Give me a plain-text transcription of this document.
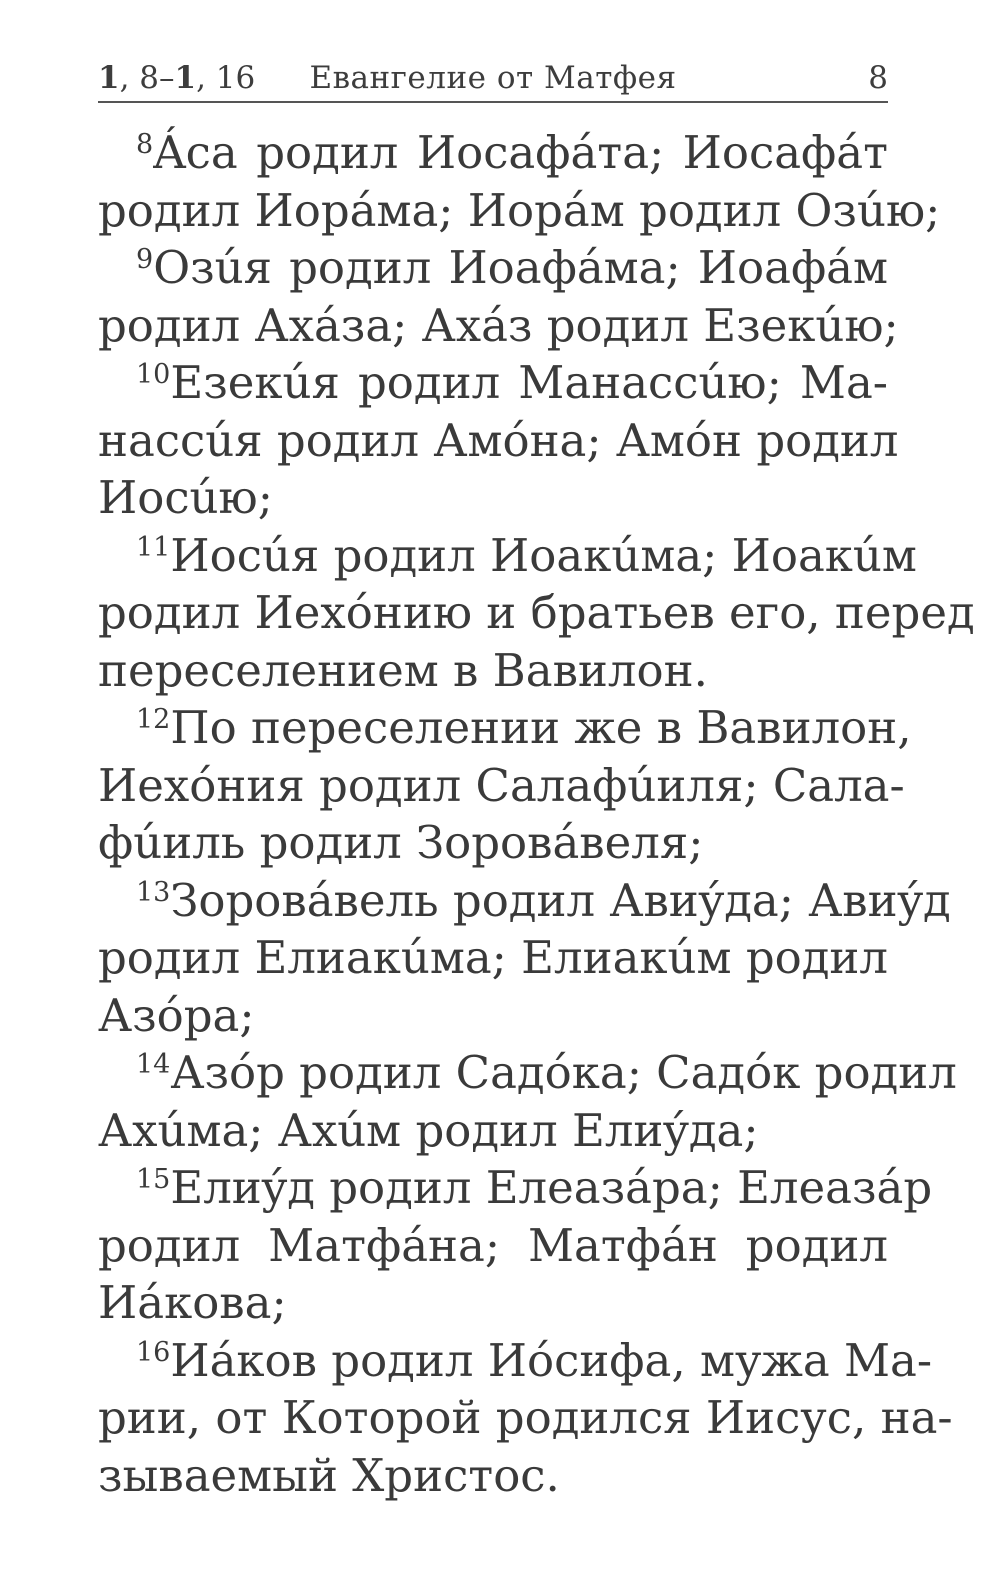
1, 8–1, 16	Евангелие от Матфея	8
$^8$Áса родил Иосафáта; Иосафáт
родил Иорáма; Иорáм родил Озúю;
$^9$Озúя родил Иоафáма; Иоафáм
родил Ахáза; Ахáз родил Езекúю;
$^{10}$Езекúя родил Манассúю; Ма-
нассúя родил Амóна; Амóн родил
Иосúю;
$^{11}$Иосúя родил Иоакúма; Иоакúм
родил Иехóнию и братьев его, перед
переселением в Вавилон.
$^{12}$По переселении же в Вавилон,
Иехóния родил Салафúиля; Сала-
фúиль родил Зоровáвеля;
$^{13}$Зоровáвель родил Авиýда; Авиýд
родил Елиакúма; Елиакúм родил
Азóра;
$^{14}$Азóр родил Садóка; Садóк родил
Ахúма; Ахúм родил Елиýда;
$^{15}$Елиýд родил Елеазáра; Елеазáр
родил Матфáна; Матфáн родил
Иáкова;
$^{16}$Иáков родил Иóсифа, мужа Ма-
рии, от Которой родился Иисус, на-
зываемый Христос.
